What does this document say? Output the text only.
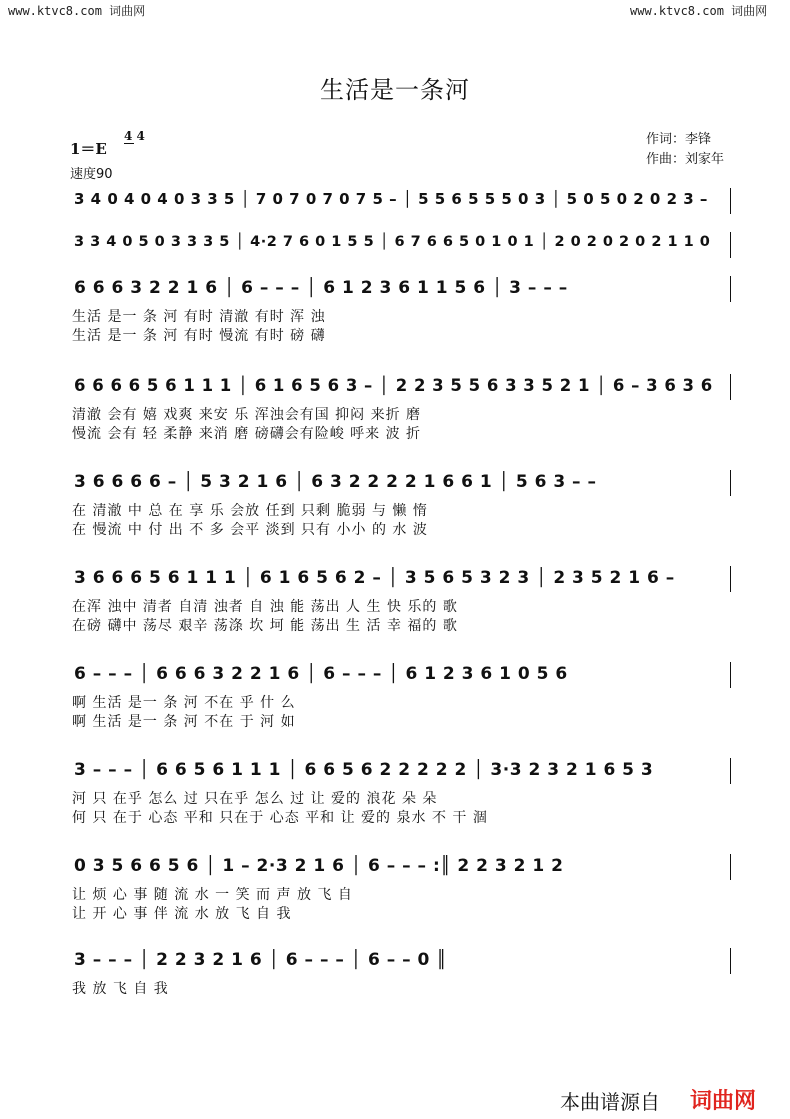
www.ktvc8.com 词曲网	www.ktvc8.com 词曲网
生活是一条河
1＝E
4 4	作词：李锋
作曲：刘家年
速度90
3 4 0 4 0 4 0 3 3 5 │ 7 0 7 0 7 0 7 5 – │ 5 5 6 5 5 5 0 3 │ 5 0 5 0 2 0 2 3 –
3 3 4 0 5 0 3 3 3 5 │ 4·2 7 6 0 1 5 5 │ 6 7 6 6 5 0 1 0 1 │ 2 0 2 0 2 0 2 1 1 0
6 6 6 3 2 2 1 6 │ 6 – – – │ 6 1 2 3 6 1 1 5 6 │ 3 – – –
生活 是一 条 河 有时 清澈 有时 浑 浊
生活 是一 条 河 有时 慢流 有时 磅 礴
6 6 6 6 5 6 1 1 1 │ 6 1 6 5 6 3 – │ 2 2 3 5 5 6 3 3 5 2 1 │ 6 – 3 6 3 6
清澈 会有 嬉 戏爽 来安 乐 浑浊会有国 抑闷 来折 磨
慢流 会有 轻 柔静 来消 磨 磅礴会有险峻 呼来 波 折
3 6 6 6 6 – │ 5 3 2 1 6 │ 6 3 2 2 2 2 1 6 6 1 │ 5 6 3 – –
在 清澈 中 总 在 享 乐 会放 任到 只剩 脆弱 与 懒 惰
在 慢流 中 付 出 不 多 会平 淡到 只有 小小 的 水 波
3 6 6 6 5 6 1 1 1 │ 6 1 6 5 6 2 – │ 3 5 6 5 3 2 3 │ 2 3 5 2 1 6 –
在浑 浊中 清者 自清 浊者 自 浊 能 荡出 人 生 快 乐的 歌
在磅 礴中 荡尽 艰辛 荡涤 坎 坷 能 荡出 生 活 幸 福的 歌
6 – – – │ 6 6 6 3 2 2 1 6 │ 6 – – – │ 6 1 2 3 6 1 0 5 6
啊 生活 是一 条 河 不在 乎 什 么
啊 生活 是一 条 河 不在 于 河 如
3 – – – │ 6 6 5 6 1 1 1 │ 6 6 5 6 2 2 2 2 2 │ 3·3 2 3 2 1 6 5 3
河 只 在乎 怎么 过 只在乎 怎么 过 让 爱的 浪花 朵 朵
何 只 在于 心态 平和 只在于 心态 平和 让 爱的 泉水 不 干 涸
0 3 5 6 6 5 6 │ 1 – 2·3 2 1 6 │ 6 – – – :║ 2 2 3 2 1 2
让 烦 心 事 随 流 水 一 笑 而 声 放 飞 自
让 开 心 事 伴 流 水 放 飞 自 我
3 – – – │ 2 2 3 2 1 6 │ 6 – – – │ 6 – – 0 ║
我 放 飞 自 我
本曲谱源自 词曲网
